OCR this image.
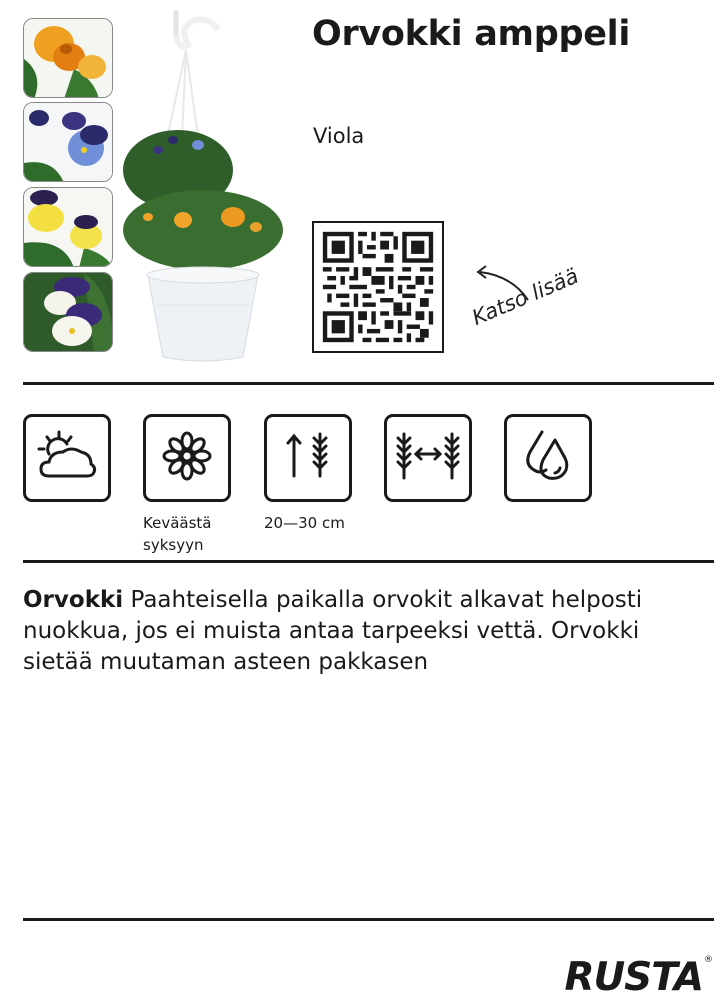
Orvokki amppeli
Viola
Katso lisää
Keväästä
syksyyn
20—30 cm
Orvokki Paahteisella paikalla orvokit alkavat helposti nuokkua, jos ei muista antaa tarpeeksi vettä. Orvokki sietää muutaman asteen pakkasen
RUSTA®
